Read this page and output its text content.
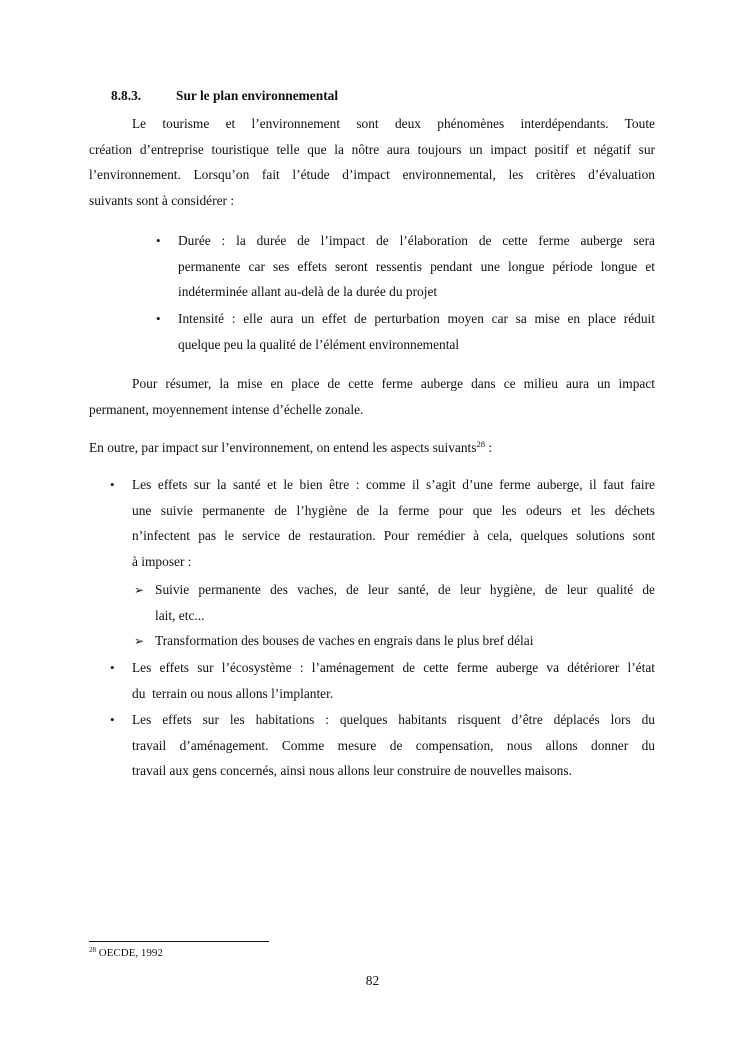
8.8.3.	Sur le plan environnemental
Le tourisme et l’environnement sont deux phénomènes interdépendants. Toute
création d’entreprise touristique telle que la nôtre aura toujours un impact positif et négatif sur
l’environnement. Lorsqu’on fait l’étude d’impact environnemental, les critères d’évaluation
suivants sont à considérer :
• Durée : la durée de l’impact de l’élaboration de cette ferme auberge sera
permanente car ses effets seront ressentis pendant une longue période longue et
indéterminée allant au-delà de la durée du projet
• Intensité : elle aura un effet de perturbation moyen car sa mise en place réduit
quelque peu la qualité de l’élément environnemental
Pour résumer, la mise en place de cette ferme auberge dans ce milieu aura un impact
permanent, moyennement intense d’échelle zonale.
En outre, par impact sur l’environnement, on entend les aspects suivants$^{28}$ :
• Les effets sur la santé et le bien être : comme il s’agit d’une ferme auberge, il faut faire
une suivie permanente de l’hygiène de la ferme pour que les odeurs et les déchets
n’infectent pas le service de restauration. Pour remédier à cela, quelques solutions sont
à imposer :
➢ Suivie permanente des vaches, de leur santé, de leur hygiène, de leur qualité de
lait, etc...
➢ Transformation des bouses de vaches en engrais dans le plus bref délai
• Les effets sur l’écosystème : l’aménagement de cette ferme auberge va détériorer l’état
du  terrain ou nous allons l’implanter.
• Les effets sur les habitations : quelques habitants risquent d’être déplacés lors du
travail d’aménagement. Comme mesure de compensation, nous allons donner du
travail aux gens concernés, ainsi nous allons leur construire de nouvelles maisons.
$^{28}$ OECDE, 1992
82
